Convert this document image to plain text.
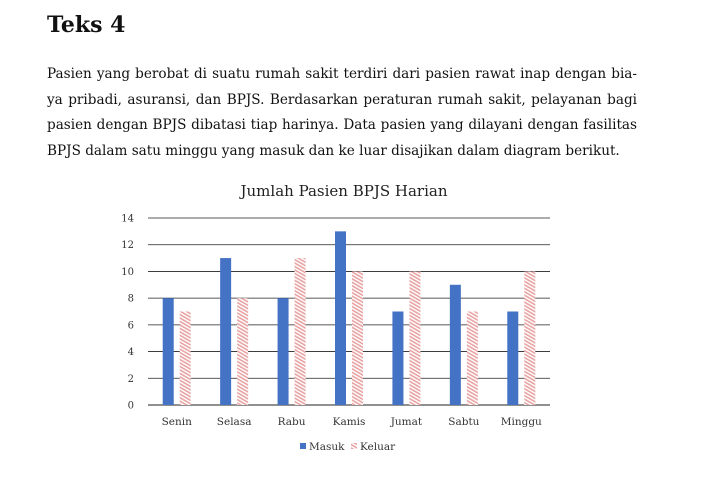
Teks 4
Pasien yang berobat di suatu rumah sakit terdiri dari pasien rawat inap dengan bia-
ya pribadi, asuransi, dan BPJS. Berdasarkan peraturan rumah sakit, pelayanan bagi
pasien dengan BPJS dibatasi tiap harinya. Data pasien yang dilayani dengan fasilitas
BPJS dalam satu minggu yang masuk dan ke luar disajikan dalam diagram berikut.
Jumlah Pasien BPJS Harian
0
2
4
6
8
10
12
14
Senin Selasa Rabu	Kamis Jumat Sabtu Minggu
Masuk Keluar
